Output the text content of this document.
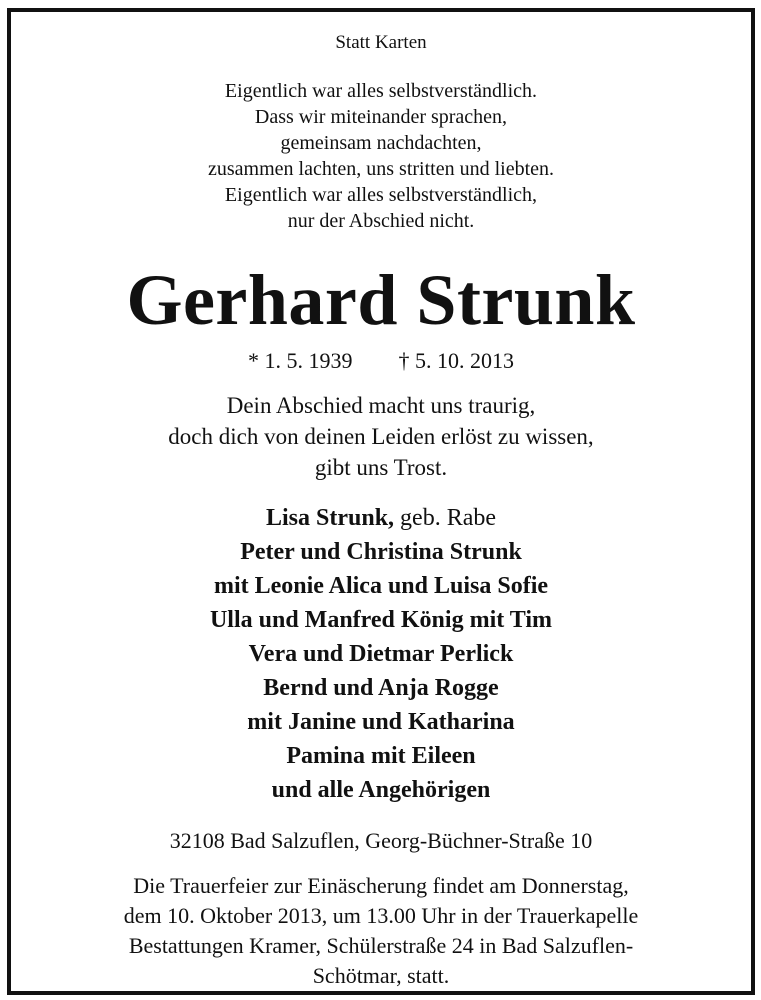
Statt Karten
Eigentlich war alles selbstverständlich.
Dass wir miteinander sprachen,
gemeinsam nachdachten,
zusammen lachten, uns stritten und liebten.
Eigentlich war alles selbstverständlich,
nur der Abschied nicht.
Gerhard Strunk
* 1. 5. 1939 † 5. 10. 2013
Dein Abschied macht uns traurig,
doch dich von deinen Leiden erlöst zu wissen,
gibt uns Trost.
Lisa Strunk, geb. Rabe
Peter und Christina Strunk
mit Leonie Alica und Luisa Sofie
Ulla und Manfred König mit Tim
Vera und Dietmar Perlick
Bernd und Anja Rogge
mit Janine und Katharina
Pamina mit Eileen
und alle Angehörigen
32108 Bad Salzuflen, Georg-Büchner-Straße 10
Die Trauerfeier zur Einäscherung findet am Donnerstag,
dem 10. Oktober 2013, um 13.00 Uhr in der Trauerkapelle
Bestattungen Kramer, Schülerstraße 24 in Bad Salzuflen-
Schötmar, statt.
